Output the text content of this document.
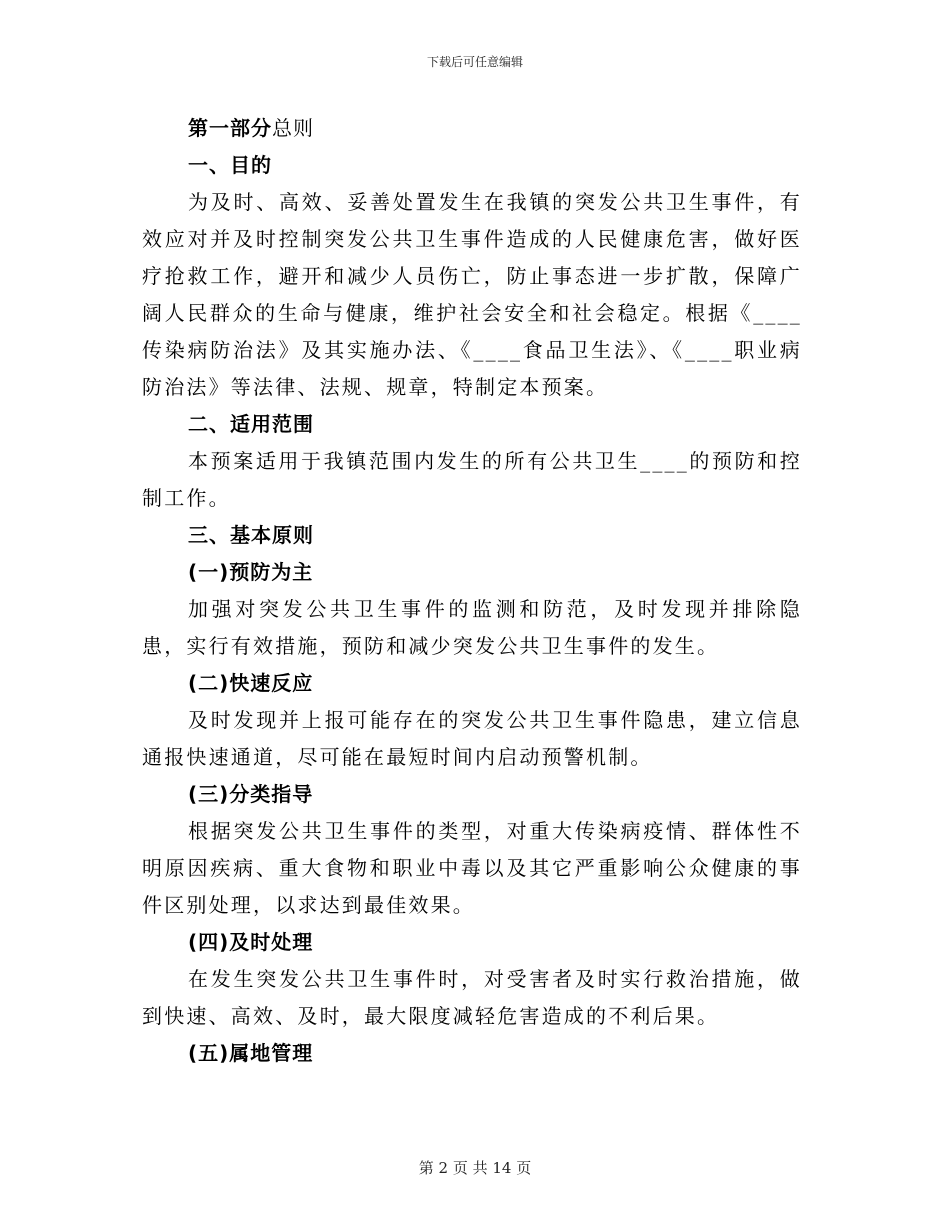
下载后可任意编辑

第一部分总则

一、目的

为及时、高效、妥善处置发生在我镇的突发公共卫生事件，有效应对并及时控制突发公共卫生事件造成的人民健康危害，做好医疗抢救工作，避开和减少人员伤亡，防止事态进一步扩散，保障广阔人民群众的生命与健康，维护社会安全和社会稳定。根据《____传染病防治法》及其实施办法、《____食品卫生法》、《____职业病防治法》等法律、法规、规章，特制定本预案。

二、适用范围

本预案适用于我镇范围内发生的所有公共卫生____的预防和控制工作。

三、基本原则

(一)预防为主

加强对突发公共卫生事件的监测和防范，及时发现并排除隐患，实行有效措施，预防和减少突发公共卫生事件的发生。

(二)快速反应

及时发现并上报可能存在的突发公共卫生事件隐患，建立信息通报快速通道，尽可能在最短时间内启动预警机制。

(三)分类指导

根据突发公共卫生事件的类型，对重大传染病疫情、群体性不明原因疾病、重大食物和职业中毒以及其它严重影响公众健康的事件区别处理，以求达到最佳效果。

(四)及时处理

在发生突发公共卫生事件时，对受害者及时实行救治措施，做到快速、高效、及时，最大限度减轻危害造成的不利后果。

(五)属地管理

第 2 页 共 14 页
